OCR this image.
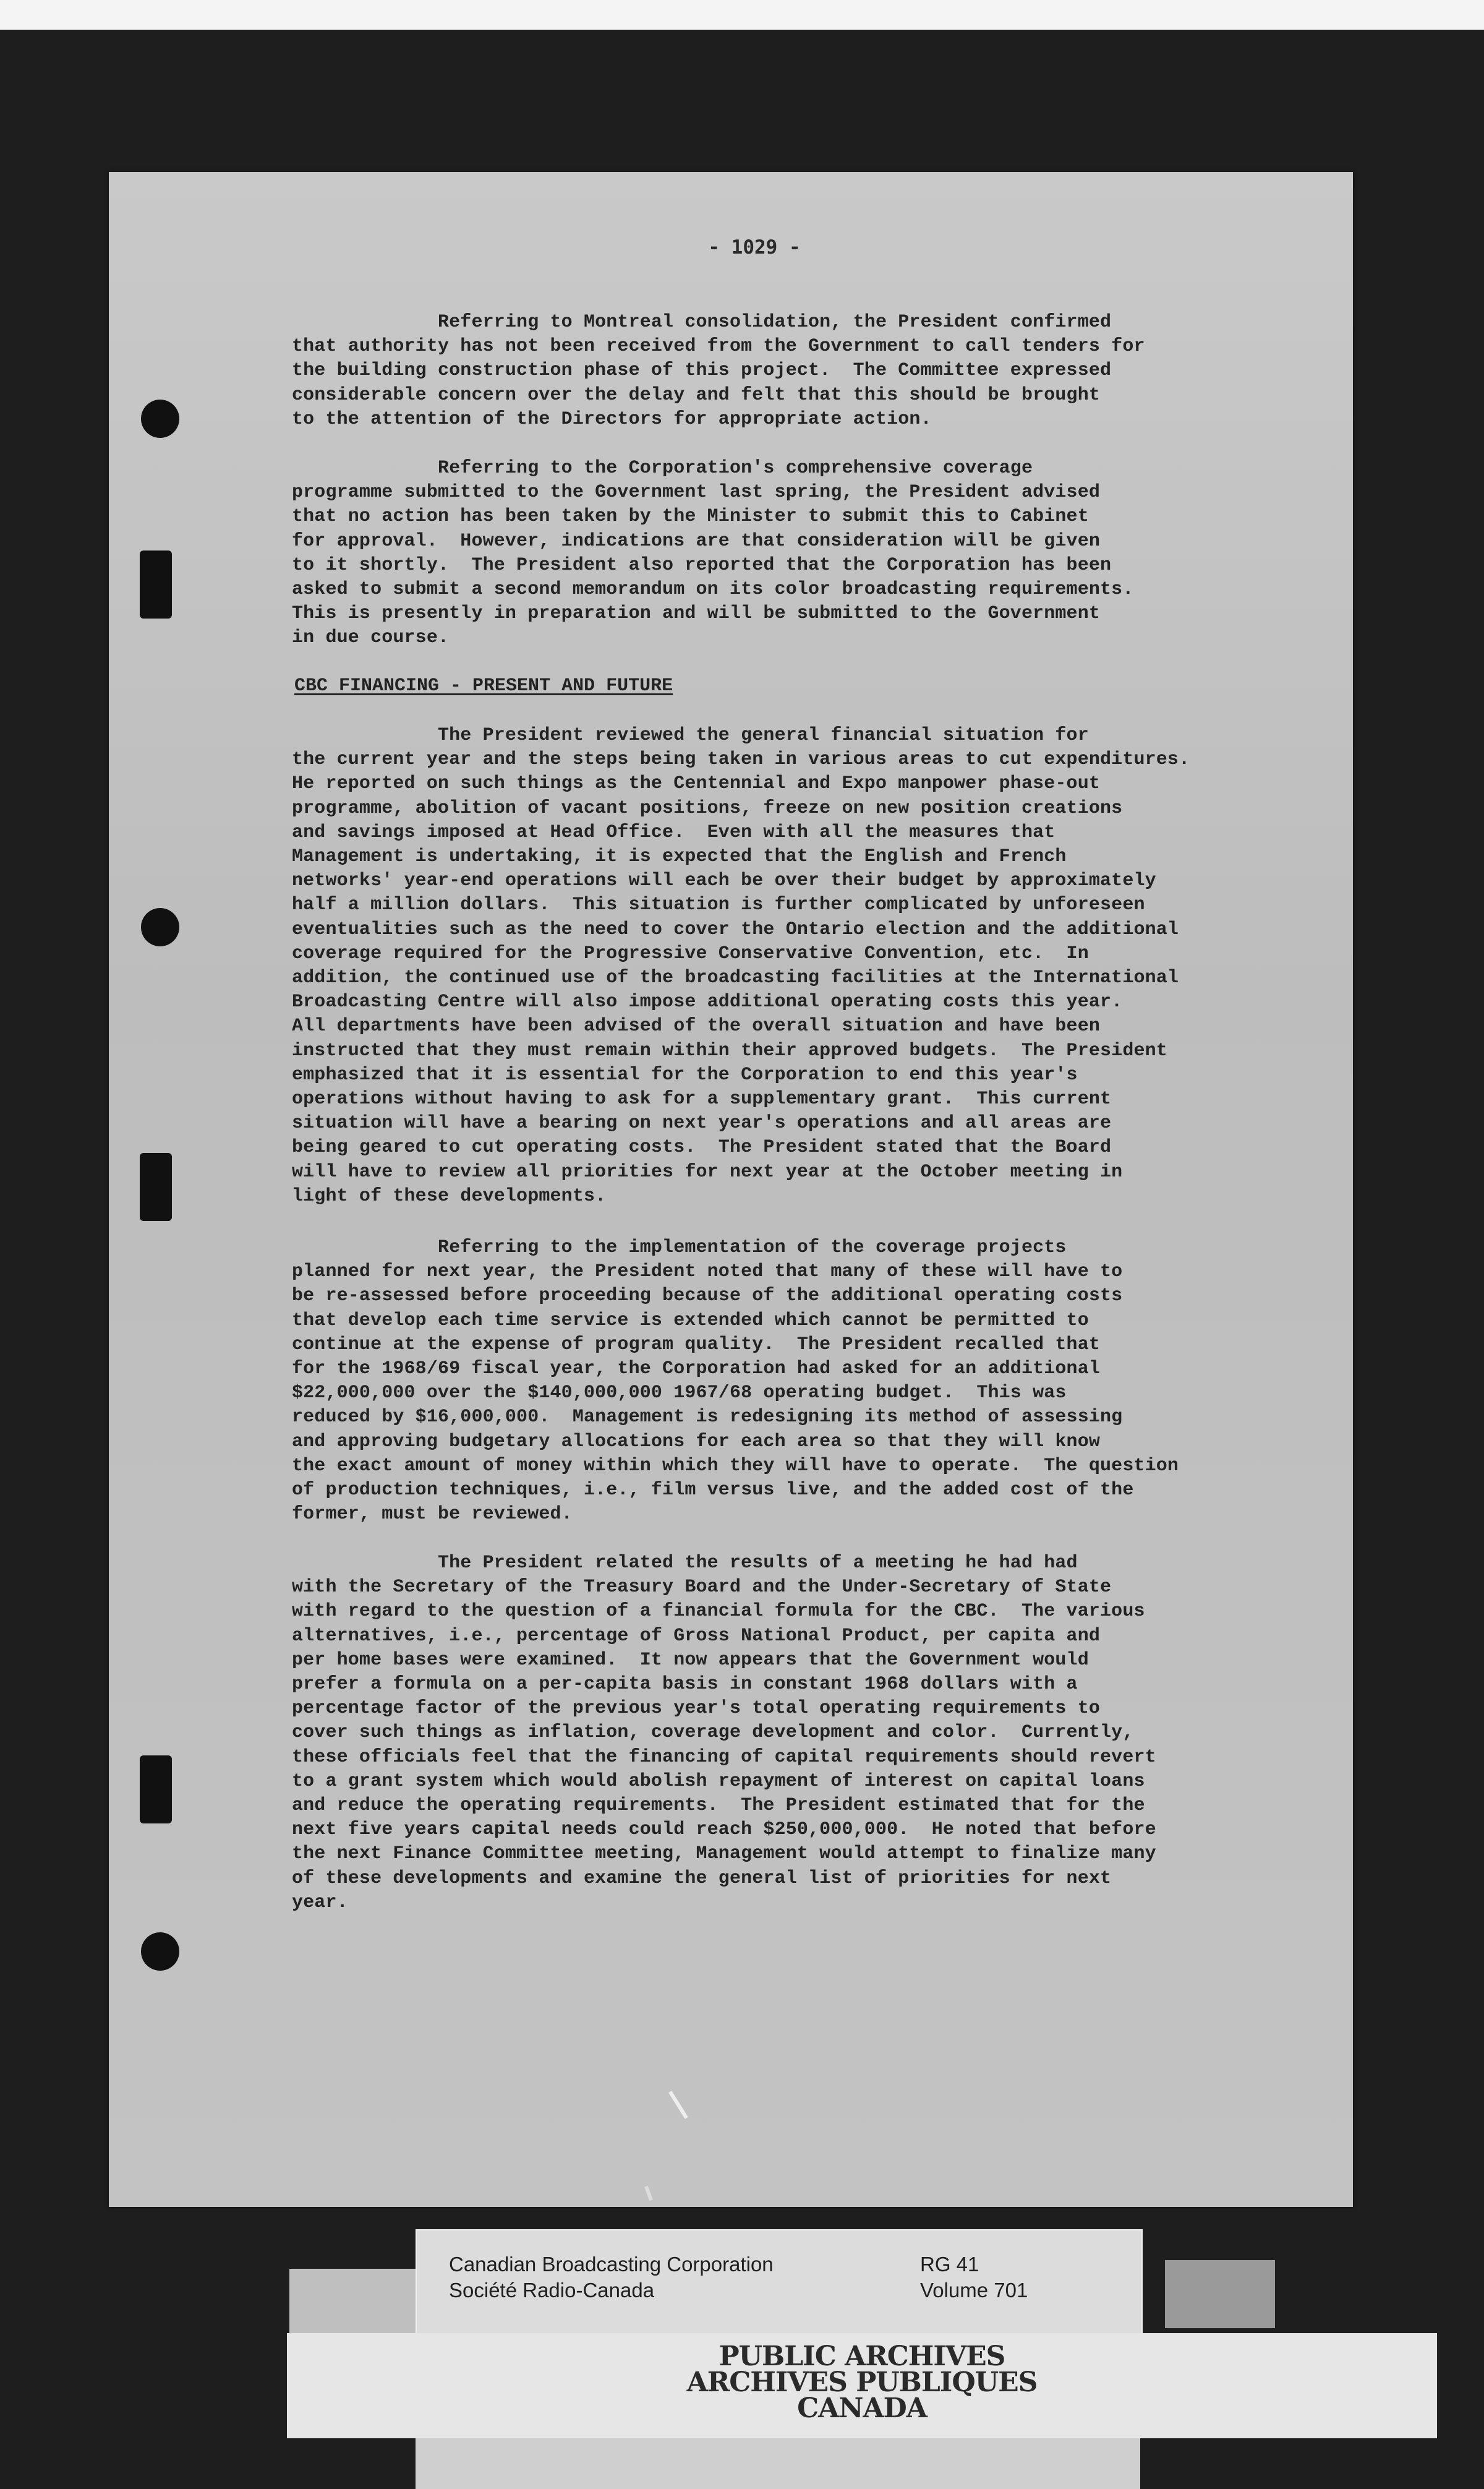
- 1029 -
Referring to Montreal consolidation, the President confirmed
that authority has not been received from the Government to call tenders for
the building construction phase of this project.  The Committee expressed
considerable concern over the delay and felt that this should be brought
to the attention of the Directors for appropriate action.
Referring to the Corporation's comprehensive coverage
programme submitted to the Government last spring, the President advised
that no action has been taken by the Minister to submit this to Cabinet
for approval.  However, indications are that consideration will be given
to it shortly.  The President also reported that the Corporation has been
asked to submit a second memorandum on its color broadcasting requirements.
This is presently in preparation and will be submitted to the Government
in due course.
CBC FINANCING - PRESENT AND FUTURE
The President reviewed the general financial situation for
the current year and the steps being taken in various areas to cut expenditures.
He reported on such things as the Centennial and Expo manpower phase-out
programme, abolition of vacant positions, freeze on new position creations
and savings imposed at Head Office.  Even with all the measures that
Management is undertaking, it is expected that the English and French
networks' year-end operations will each be over their budget by approximately
half a million dollars.  This situation is further complicated by unforeseen
eventualities such as the need to cover the Ontario election and the additional
coverage required for the Progressive Conservative Convention, etc.  In
addition, the continued use of the broadcasting facilities at the International
Broadcasting Centre will also impose additional operating costs this year.
All departments have been advised of the overall situation and have been
instructed that they must remain within their approved budgets.  The President
emphasized that it is essential for the Corporation to end this year's
operations without having to ask for a supplementary grant.  This current
situation will have a bearing on next year's operations and all areas are
being geared to cut operating costs.  The President stated that the Board
will have to review all priorities for next year at the October meeting in
light of these developments.
Referring to the implementation of the coverage projects
planned for next year, the President noted that many of these will have to
be re-assessed before proceeding because of the additional operating costs
that develop each time service is extended which cannot be permitted to
continue at the expense of program quality.  The President recalled that
for the 1968/69 fiscal year, the Corporation had asked for an additional
$22,000,000 over the $140,000,000 1967/68 operating budget.  This was
reduced by $16,000,000.  Management is redesigning its method of assessing
and approving budgetary allocations for each area so that they will know
the exact amount of money within which they will have to operate.  The question
of production techniques, i.e., film versus live, and the added cost of the
former, must be reviewed.
The President related the results of a meeting he had had
with the Secretary of the Treasury Board and the Under-Secretary of State
with regard to the question of a financial formula for the CBC.  The various
alternatives, i.e., percentage of Gross National Product, per capita and
per home bases were examined.  It now appears that the Government would
prefer a formula on a per-capita basis in constant 1968 dollars with a
percentage factor of the previous year's total operating requirements to
cover such things as inflation, coverage development and color.  Currently,
these officials feel that the financing of capital requirements should revert
to a grant system which would abolish repayment of interest on capital loans
and reduce the operating requirements.  The President estimated that for the
next five years capital needs could reach $250,000,000.  He noted that before
the next Finance Committee meeting, Management would attempt to finalize many
of these developments and examine the general list of priorities for next
year.
Canadian Broadcasting Corporation
Société Radio-Canada
RG 41
Volume 701
PUBLIC ARCHIVES
ARCHIVES PUBLIQUES
CANADA
